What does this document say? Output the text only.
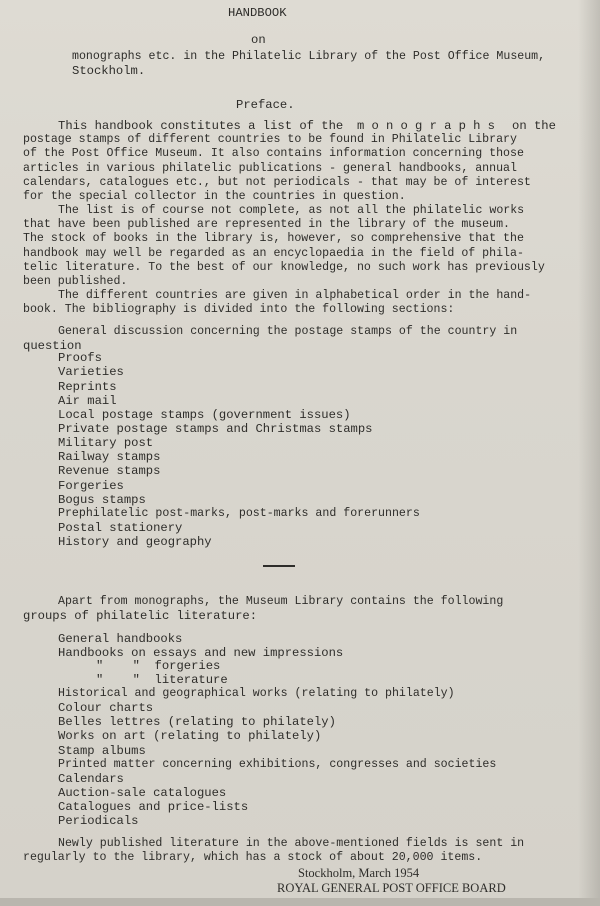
HANDBOOK
on
monographs etc. in the Philatelic Library of the Post Office Museum,
Stockholm.
Preface.
This handbook constitutes a list of the monographs on the
postage stamps of different countries to be found in Philatelic Library
of the Post Office Museum. It also contains information concerning those
articles in various philatelic publications - general handbooks, annual
calendars, catalogues etc., but not periodicals - that may be of interest
for the special collector in the countries in question.
The list is of course not complete, as not all the philatelic works
that have been published are represented in the library of the museum.
The stock of books in the library is, however, so comprehensive that the
handbook may well be regarded as an encyclopaedia in the field of phila-
telic literature. To the best of our knowledge, no such work has previously
been published.
The different countries are given in alphabetical order in the hand-
book. The bibliography is divided into the following sections:
General discussion concerning the postage stamps of the country in
question
Proofs
Varieties
Reprints
Air mail
Local postage stamps (government issues)
Private postage stamps and Christmas stamps
Military post
Railway stamps
Revenue stamps
Forgeries
Bogus stamps
Prephilatelic post-marks, post-marks and forerunners
Postal stationery
History and geography
Apart from monographs, the Museum Library contains the following
groups of philatelic literature:
General handbooks
Handbooks on essays and new impressions
"    "  forgeries
"    "  literature
Historical and geographical works (relating to philately)
Colour charts
Belles lettres (relating to philately)
Works on art (relating to philately)
Stamp albums
Printed matter concerning exhibitions, congresses and societies
Calendars
Auction-sale catalogues
Catalogues and price-lists
Periodicals
Newly published literature in the above-mentioned fields is sent in
regularly to the library, which has a stock of about 20,000 items.
Stockholm, March 1954
ROYAL GENERAL POST OFFICE BOARD
